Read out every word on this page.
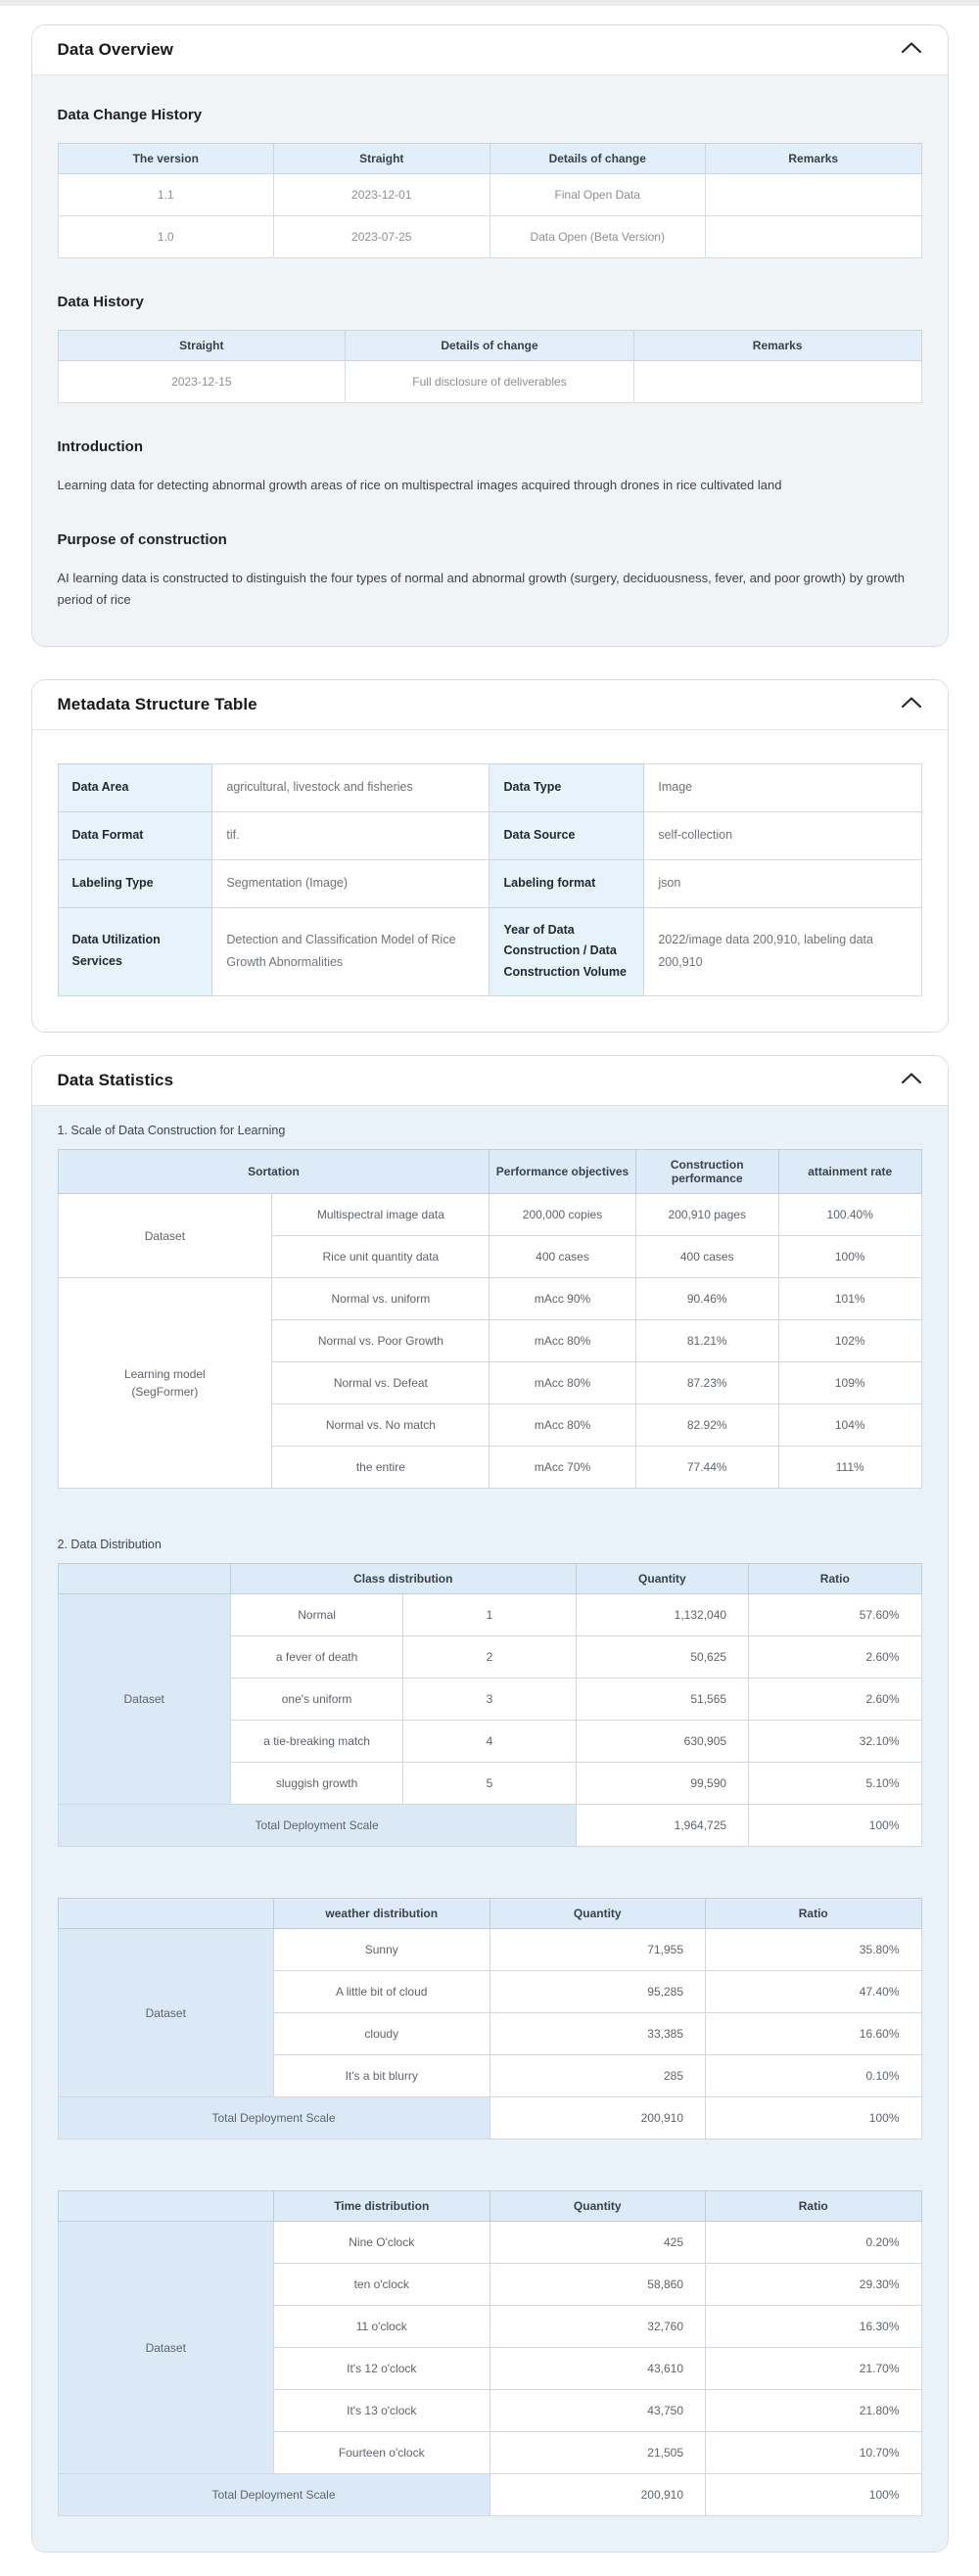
Data Overview
Data Change History
The version	Straight	Details of change	Remarks
1.1	2023-12-01	Final Open Data	
1.0	2023-07-25	Data Open (Beta Version)	
Data History
Straight	Details of change	Remarks
2023-12-15	Full disclosure of deliverables	
Introduction

Learning data for detecting abnormal growth areas of rice on multispectral images acquired through drones in rice cultivated land

Purpose of construction

AI learning data is constructed to distinguish the four types of normal and abnormal growth (surgery, deciduousness, fever, and poor growth) by growth period of rice

Metadata Structure Table
Data Area	agricultural, livestock and fisheries	Data Type	Image
Data Format	tif.	Data Source	self-collection
Labeling Type	Segmentation (Image)	Labeling format	json
Data Utilization Services	Detection and Classification Model of Rice Growth Abnormalities	Year of Data Construction / Data Construction Volume	2022/image data 200,910, labeling data 200,910
Data Statistics

1. Scale of Data Construction for Learning

Sortation		Performance objectives	Construction performance	attainment rate
Dataset	Multispectral image data	200,000 copies	200,910 pages	100.40%
	Rice unit quantity data	400 cases	400 cases	100%

Learning model
(SegFormer)	Normal vs. uniform	mAcc 90%	90.46%	101%
	Normal vs. Poor Growth	mAcc 80%	81.21%	102%
	Normal vs. Defeat	mAcc 80%	87.23%	109%
	Normal vs. No match	mAcc 80%	82.92%	104%
	the entire	mAcc 70%	77.44%	111%

2. Data Distribution

	Class distribution		Quantity	Ratio
Dataset	Normal	1	1,132,040	57.60%
	a fever of death	2	50,625	2.60%
	one's uniform	3	51,565	2.60%
	a tie-breaking match	4	630,905	32.10%
	sluggish growth	5	99,590	5.10%
Total Deployment Scale			1,964,725	100%
	weather distribution	Quantity	Ratio
Dataset	Sunny	71,955	35.80%
	A little bit of cloud	95,285	47.40%
	cloudy	33,385	16.60%
	It's a bit blurry	285	0.10%
Total Deployment Scale		200,910	100%
	Time distribution	Quantity	Ratio
Dataset	Nine O'clock	425	0.20%
	ten o'clock	58,860	29.30%
	11 o'clock	32,760	16.30%
	It's 12 o'clock	43,610	21.70%
	It's 13 o'clock	43,750	21.80%
	Fourteen o'clock	21,505	10.70%
Total Deployment Scale		200,910	100%
